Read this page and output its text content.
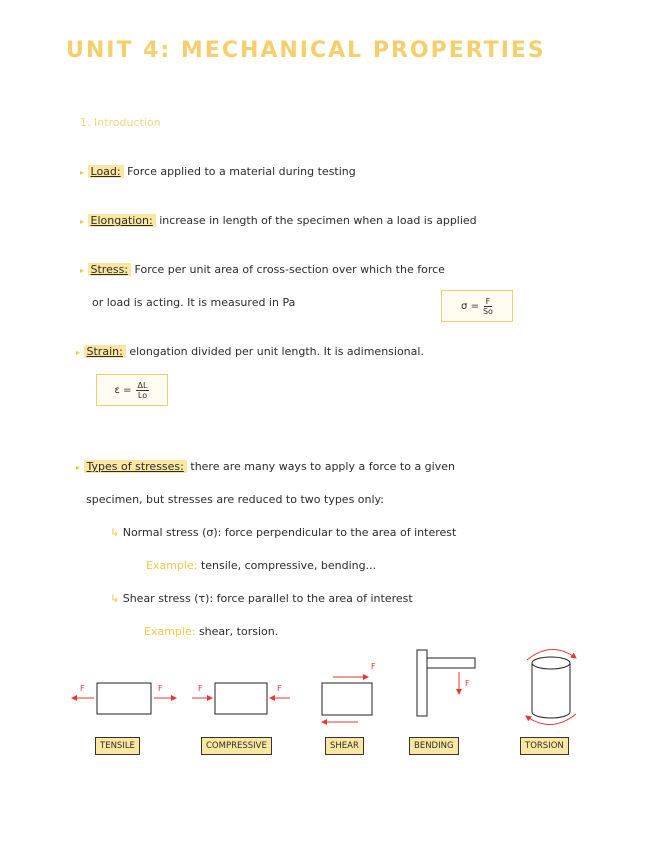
UNIT 4: MECHANICAL PROPERTIES
1. Introduction
▸ Load: Force applied to a material during testing
▸ Elongation: increase in length of the specimen when a load is applied
▸ Stress: Force per unit area of cross-section over which the force
or load is acting. It is measured in Pa	$\sigma = \frac{F}{So}$
▸ Strain: elongation divided per unit length. It is adimensional.
$\varepsilon = \frac{\Delta L}{Lo}$
▸ Types of stresses: there are many ways to apply a force to a given
specimen, but stresses are reduced to two types only:
↳ Normal stress (σ): force perpendicular to the area of interest
Example: tensile, compressive, bending...
↳ Shear stress (τ): force parallel to the area of interest
Example: shear, torsion.
F	F	F	F
F
F
TENSILE	COMPRESSIVE	SHEAR	BENDING	TORSION
